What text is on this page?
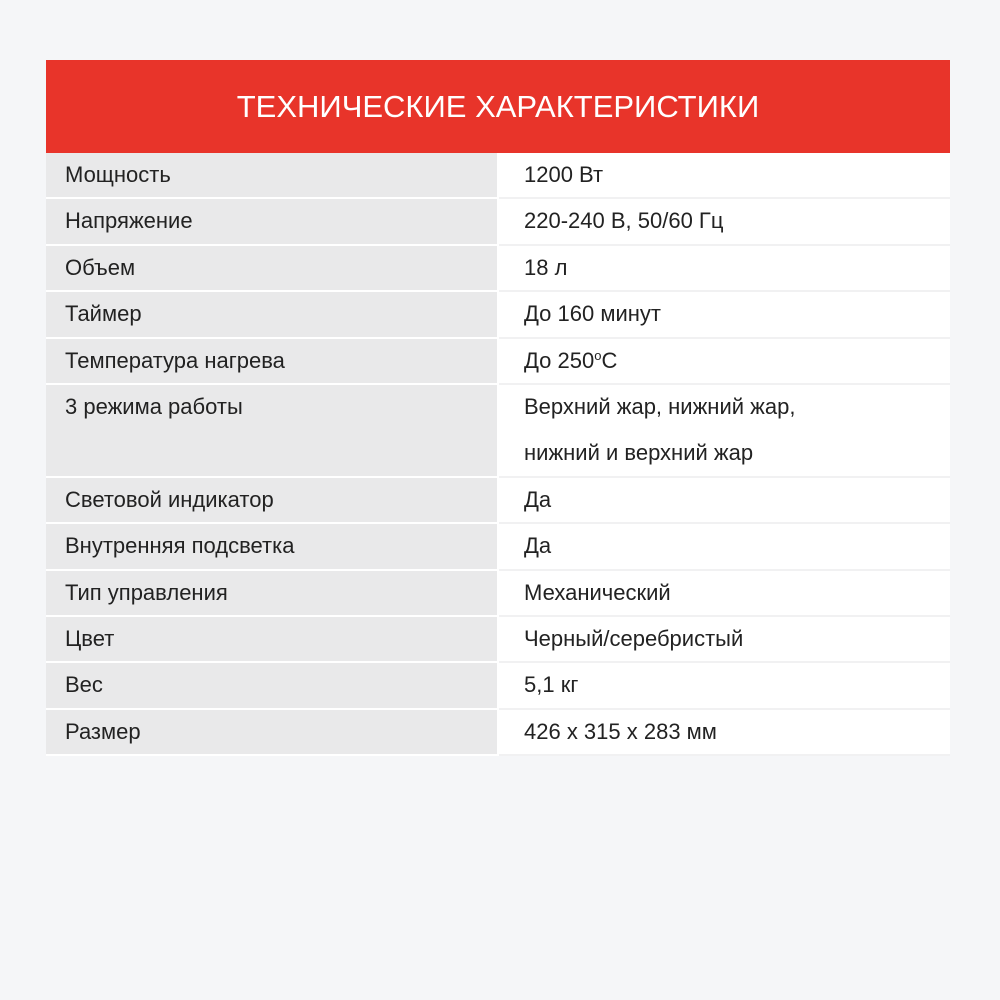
ТЕХНИЧЕСКИЕ ХАРАКТЕРИСТИКИ
Мощность	1200 Вт

Напряжение	220-240 В, 50/60 Гц

Объем	18 л

Таймер	До 160 минут

Температура нагрева	До $250^оС$

3 режима работы	Верхний жар, нижний жар,
нижний и верхний жар

Световой индикатор	Да

Внутренняя подсветка	Да

Тип управления	Механический

Цвет	Черный/серебристый

Вес	5,1 кг

Размер	426 x 315 x 283 мм
